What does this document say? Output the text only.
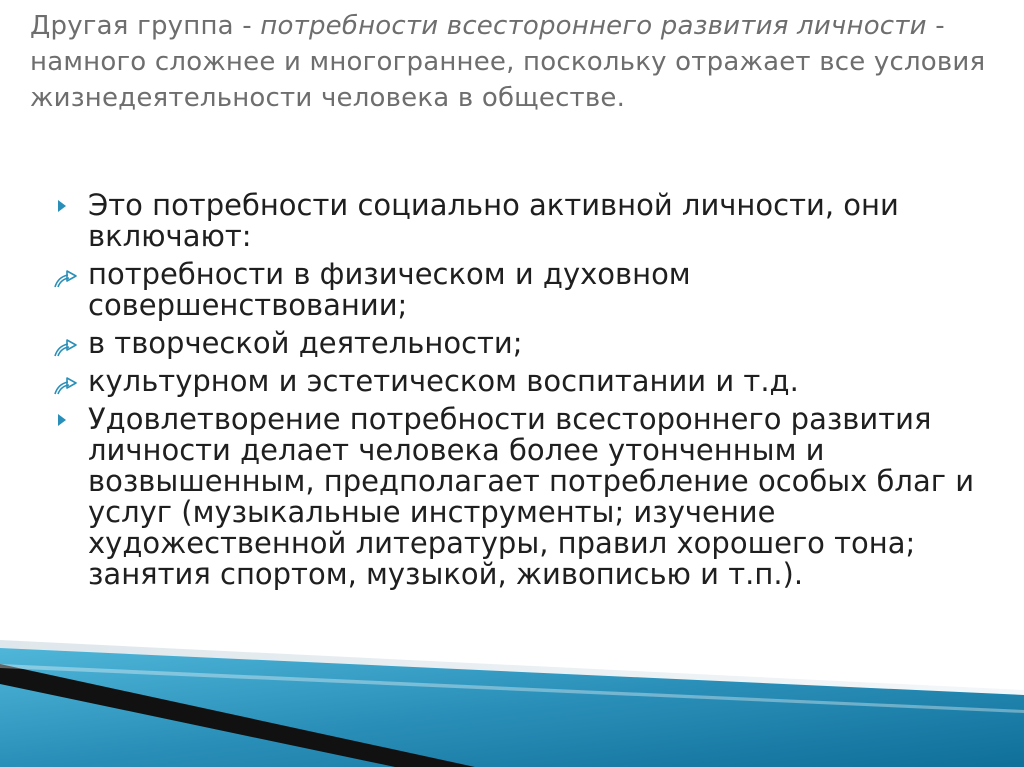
Другая группа - потребности всестороннего развития личности - намного сложнее и многограннее, поскольку отражает все условия жизнедеятельности человека в обществе.
Это потребности социально активной личности, они включают:
потребности в физическом и духовном совершенствовании;
в творческой деятельности;
культурном и эстетическом воспитании и т.д.
Удовлетворение потребности всестороннего развития личности делает человека более утонченным и возвышенным, предполагает потребление особых благ и услуг (музыкальные инструменты; изучение художественной литературы, правил хорошего тона; занятия спортом, музыкой, живописью и т.п.).
